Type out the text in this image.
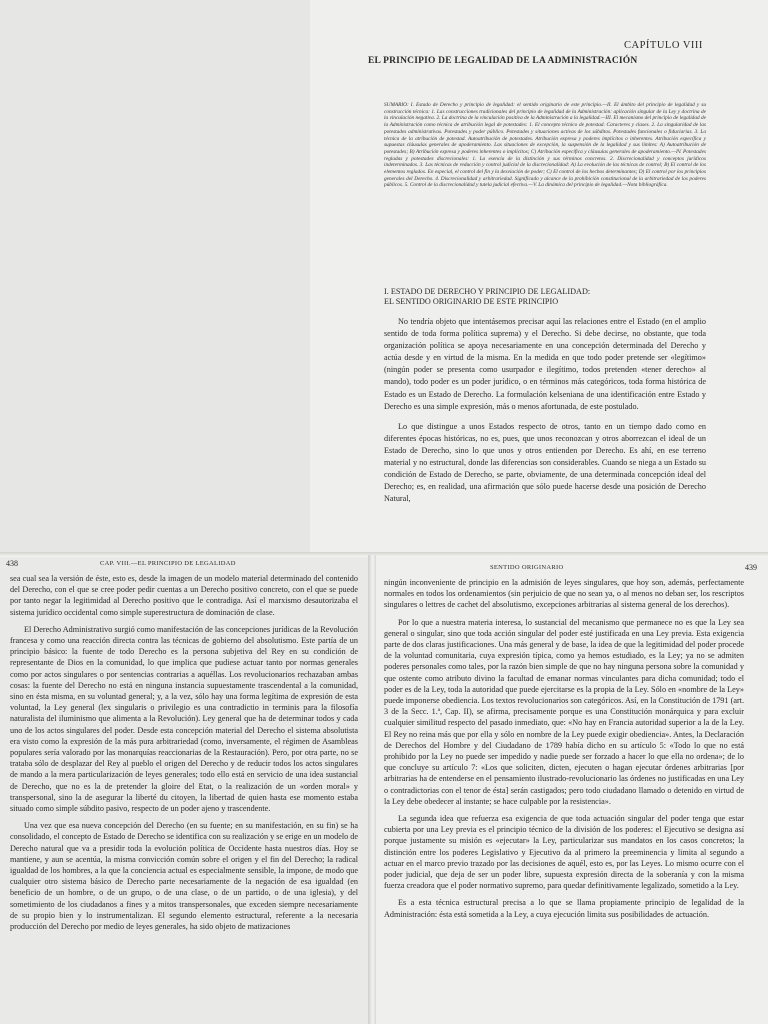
CAPÍTULO VIII
EL PRINCIPIO DE LEGALIDAD DE LA ADMINISTRACIÓN
SUMARIO: I. Estado de Derecho y principio de legalidad: el sentido originario de este principio.—II. El ámbito del principio de legalidad y su construcción técnica: 1. Las construcciones tradicionales del principio de legalidad de la Administración: aplicación singular de la Ley y doctrina de la vinculación negativa. 2. La doctrina de la vinculación positiva de la Administración a la legalidad.—III. El mecanismo del principio de legalidad de la Administración como técnica de atribución legal de potestades: 1. El concepto técnico de potestad. Caracteres y clases. 2. La singularidad de las potestades administrativas. Potestades y poder público. Potestades y situaciones activas de los súbditos. Potestades funcionales o fiduciarias. 3. La técnica de la atribución de potestad. Autoatribución de potestades. Atribución expresa y poderes implícitos o inherentes. Atribución específica y supuestas cláusulas generales de apoderamiento. Las situaciones de excepción, la suspensión de la legalidad y sus límites: A) Autoatribución de potestades; B) Atribución expresa y poderes inherentes o implícitos; C) Atribución específica y cláusulas generales de apoderamiento.—IV. Potestades regladas y potestades discrecionales: 1. La esencia de la distinción y sus términos concretos. 2. Discrecionalidad y conceptos jurídicos indeterminados. 3. Las técnicas de reducción y control judicial de la discrecionalidad: A) La evolución de las técnicas de control; B) El control de los elementos reglados. En especial, el control del fin y la desviación de poder; C) El control de los hechos determinantes; D) El control por los principios generales del Derecho. 4. Discrecionalidad y arbitrariedad. Significado y alcance de la prohibición constitucional de la arbitrariedad de los poderes públicos. 5. Control de la discrecionalidad y tutela judicial efectiva.—V. La dinámica del principio de legalidad.—Nota bibliográfica.
I. ESTADO DE DERECHO Y PRINCIPIO DE LEGALIDAD:
EL SENTIDO ORIGINARIO DE ESTE PRINCIPIO

No tendría objeto que intentásemos precisar aquí las relaciones entre el Estado (en el amplio sentido de toda forma política suprema) y el Derecho. Si debe decirse, no obstante, que toda organización política se apoya necesariamente en una concepción determinada del Derecho y actúa desde y en virtud de la misma. En la medida en que todo poder pretende ser «legítimo» (ningún poder se presenta como usurpador e ilegítimo, todos pretenden «tener derecho» al mando), todo poder es un poder jurídico, o en términos más categóricos, toda forma histórica de Estado es un Estado de Derecho. La formulación kelseniana de una identificación entre Estado y Derecho es una simple expresión, más o menos afortunada, de este postulado.

Lo que distingue a unos Estados respecto de otros, tanto en un tiempo dado como en diferentes épocas históricas, no es, pues, que unos reconozcan y otros aborrezcan el ideal de un Estado de Derecho, sino lo que unos y otros entienden por Derecho. Es ahí, en ese terreno material y no estructural, donde las diferencias son considerables. Cuando se niega a un Estado su condición de Estado de Derecho, se parte, obviamente, de una determinada concepción ideal del Derecho; es, en realidad, una afirmación que sólo puede hacerse desde una posición de Derecho Natural,

438	CAP. VIII.—EL PRINCIPIO DE LEGALIDAD

sea cual sea la versión de éste, esto es, desde la imagen de un modelo material determinado del contenido del Derecho, con el que se cree poder pedir cuentas a un Derecho positivo concreto, con el que se puede por tanto negar la legitimidad al Derecho positivo que le contradiga. Así el marxismo desautorizaba el sistema jurídico occidental como simple superestructura de dominación de clase.

El Derecho Administrativo surgió como manifestación de las concepciones jurídicas de la Revolución francesa y como una reacción directa contra las técnicas de gobierno del absolutismo. Este partía de un principio básico: la fuente de todo Derecho es la persona subjetiva del Rey en su condición de representante de Dios en la comunidad, lo que implica que pudiese actuar tanto por normas generales como por actos singulares o por sentencias contrarias a aquéllas. Los revolucionarios rechazaban ambas cosas: la fuente del Derecho no está en ninguna instancia supuestamente trascendental a la comunidad, sino en ésta misma, en su voluntad general; y, a la vez, sólo hay una forma legítima de expresión de esta voluntad, la Ley general (lex singularis o privilegio es una contradictio in terminis para la filosofía naturalista del iluminismo que alimenta a la Revolución). Ley general que ha de determinar todos y cada uno de los actos singulares del poder. Desde esta concepción material del Derecho el sistema absolutista era visto como la expresión de la más pura arbitrariedad (como, inversamente, el régimen de Asambleas populares sería valorado por las monarquías reaccionarias de la Restauración). Pero, por otra parte, no se trataba sólo de desplazar del Rey al pueblo el origen del Derecho y de reducir todos los actos singulares de mando a la mera particularización de leyes generales; todo ello está en servicio de una idea sustancial de Derecho, que no es la de pretender la gloire del Etat, o la realización de un «orden moral» y transpersonal, sino la de asegurar la liberté du citoyen, la libertad de quien hasta ese momento estaba situado como simple súbdito pasivo, respecto de un poder ajeno y trascendente.

Una vez que esa nueva concepción del Derecho (en su fuente; en su manifestación, en su fin) se ha consolidado, el concepto de Estado de Derecho se identifica con su realización y se erige en un modelo de Derecho natural que va a presidir toda la evolución política de Occidente hasta nuestros días. Hoy se mantiene, y aun se acentúa, la misma convicción común sobre el origen y el fin del Derecho; la radical igualdad de los hombres, a la que la conciencia actual es especialmente sensible, la impone, de modo que cualquier otro sistema básico de Derecho parte necesariamente de la negación de esa igualdad (en beneficio de un hombre, o de un grupo, o de una clase, o de un partido, o de una iglesia), y del sometimiento de los ciudadanos a fines y a mitos transpersonales, que exceden siempre necesariamente de su propio bien y lo instrumentalizan. El segundo elemento estructural, referente a la necesaria producción del Derecho por medio de leyes generales, ha sido objeto de matizaciones

SENTIDO ORIGINARIO	439

ningún inconveniente de principio en la admisión de leyes singulares, que hoy son, además, perfectamente normales en todos los ordenamientos (sin perjuicio de que no sean ya, o al menos no deban ser, los rescriptos singulares o lettres de cachet del absolutismo, excepciones arbitrarias al sistema general de los derechos).

Por lo que a nuestra materia interesa, lo sustancial del mecanismo que permanece no es que la Ley sea general o singular, sino que toda acción singular del poder esté justificada en una Ley previa. Esta exigencia parte de dos claras justificaciones. Una más general y de base, la idea de que la legitimidad del poder procede de la voluntad comunitaria, cuya expresión típica, como ya hemos estudiado, es la Ley; ya no se admiten poderes personales como tales, por la razón bien simple de que no hay ninguna persona sobre la comunidad y que ostente como atributo divino la facultad de emanar normas vinculantes para dicha comunidad; todo el poder es de la Ley, toda la autoridad que puede ejercitarse es la propia de la Ley. Sólo en «nombre de la Ley» puede imponerse obediencia. Los textos revolucionarios son categóricos. Así, en la Constitución de 1791 (art. 3 de la Secc. 1.ª, Cap. II), se afirma, precisamente porque es una Constitución monárquica y para excluir cualquier similitud respecto del pasado inmediato, que: «No hay en Francia autoridad superior a la de la Ley. El Rey no reina más que por ella y sólo en nombre de la Ley puede exigir obediencia». Antes, la Declaración de Derechos del Hombre y del Ciudadano de 1789 había dicho en su artículo 5: «Todo lo que no está prohibido por la Ley no puede ser impedido y nadie puede ser forzado a hacer lo que ella no ordena»; de lo que concluye su artículo 7: «Los que soliciten, dicten, ejecuten o hagan ejecutar órdenes arbitrarias [por arbitrarias ha de entenderse en el pensamiento ilustrado-revolucionario las órdenes no justificadas en una Ley o contradictorias con el tenor de ésta] serán castigados; pero todo ciudadano llamado o detenido en virtud de la Ley debe obedecer al instante; se hace culpable por la resistencia».

La segunda idea que refuerza esa exigencia de que toda actuación singular del poder tenga que estar cubierta por una Ley previa es el principio técnico de la división de los poderes: el Ejecutivo se designa así porque justamente su misión es «ejecutar» la Ley, particularizar sus mandatos en los casos concretos; la distinción entre los poderes Legislativo y Ejecutivo da al primero la preeminencia y limita al segundo a actuar en el marco previo trazado por las decisiones de aquél, esto es, por las Leyes. Lo mismo ocurre con el poder judicial, que deja de ser un poder libre, supuesta expresión directa de la soberanía y con la misma fuerza creadora que el poder normativo supremo, para quedar definitivamente legalizado, sometido a la Ley.

Es a esta técnica estructural precisa a lo que se llama propiamente principio de legalidad de la Administración: ésta está sometida a la Ley, a cuya ejecución limita sus posibilidades de actuación.
